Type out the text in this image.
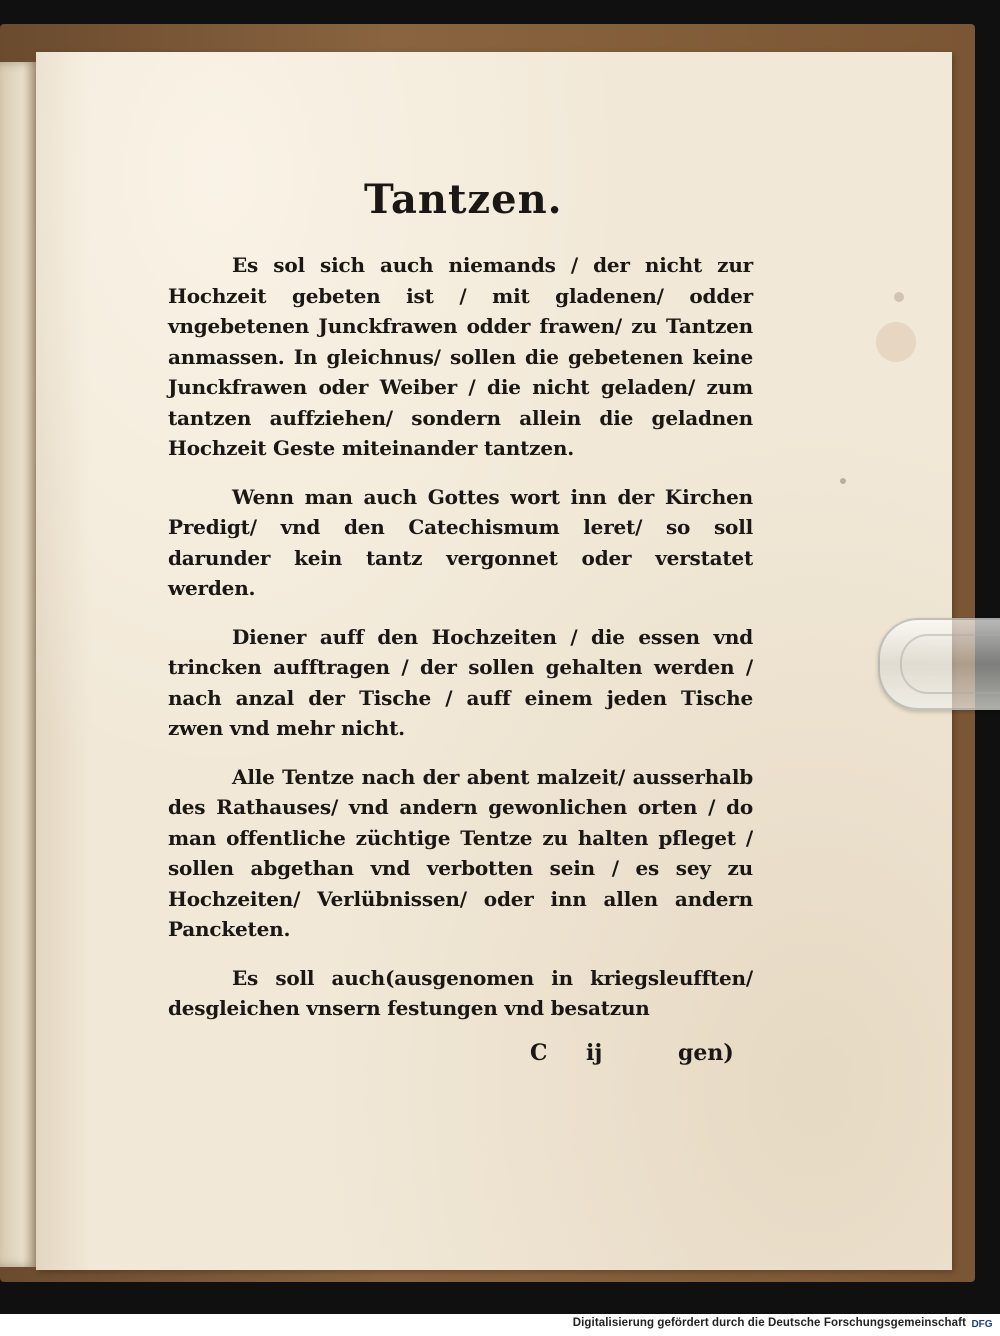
Tantzen.

Es sol sich auch niemands / der nicht zur Hochzeit gebeten ist / mit gladenen/ odder vngebetenen Junckfrawen odder frawen/ zu Tantzen anmassen. In gleichnus/ sollen die gebetenen keine Junckfrawen oder Weiber / die nicht geladen/ zum tantzen auffziehen/ sondern allein die geladnen Hochzeit Geste miteinander tantzen.

Wenn man auch Gottes wort inn der Kirchen Predigt/ vnd den Catechismum leret/ so soll darunder kein tantz vergonnet oder verstatet werden.

Diener auff den Hochzeiten / die essen vnd trincken aufftragen / der sollen gehalten werden / nach anzal der Tische / auff einem jeden Tische zwen vnd mehr nicht.

Alle Tentze nach der abent malzeit/ ausserhalb des Rathauses/ vnd andern gewonlichen orten / do man offentliche züchtige Tentze zu halten pfleget / sollen abgethan vnd verbotten sein / es sey zu Hochzeiten/ Verlübnissen/ oder inn allen andern Pancketen.

Es soll auch(ausgenomen in kriegsleufften/ desgleichen vnsern festungen vnd besatzun

C ij	gen)
Digitalisierung gefördert durch die Deutsche Forschungsgemeinschaft DFG
